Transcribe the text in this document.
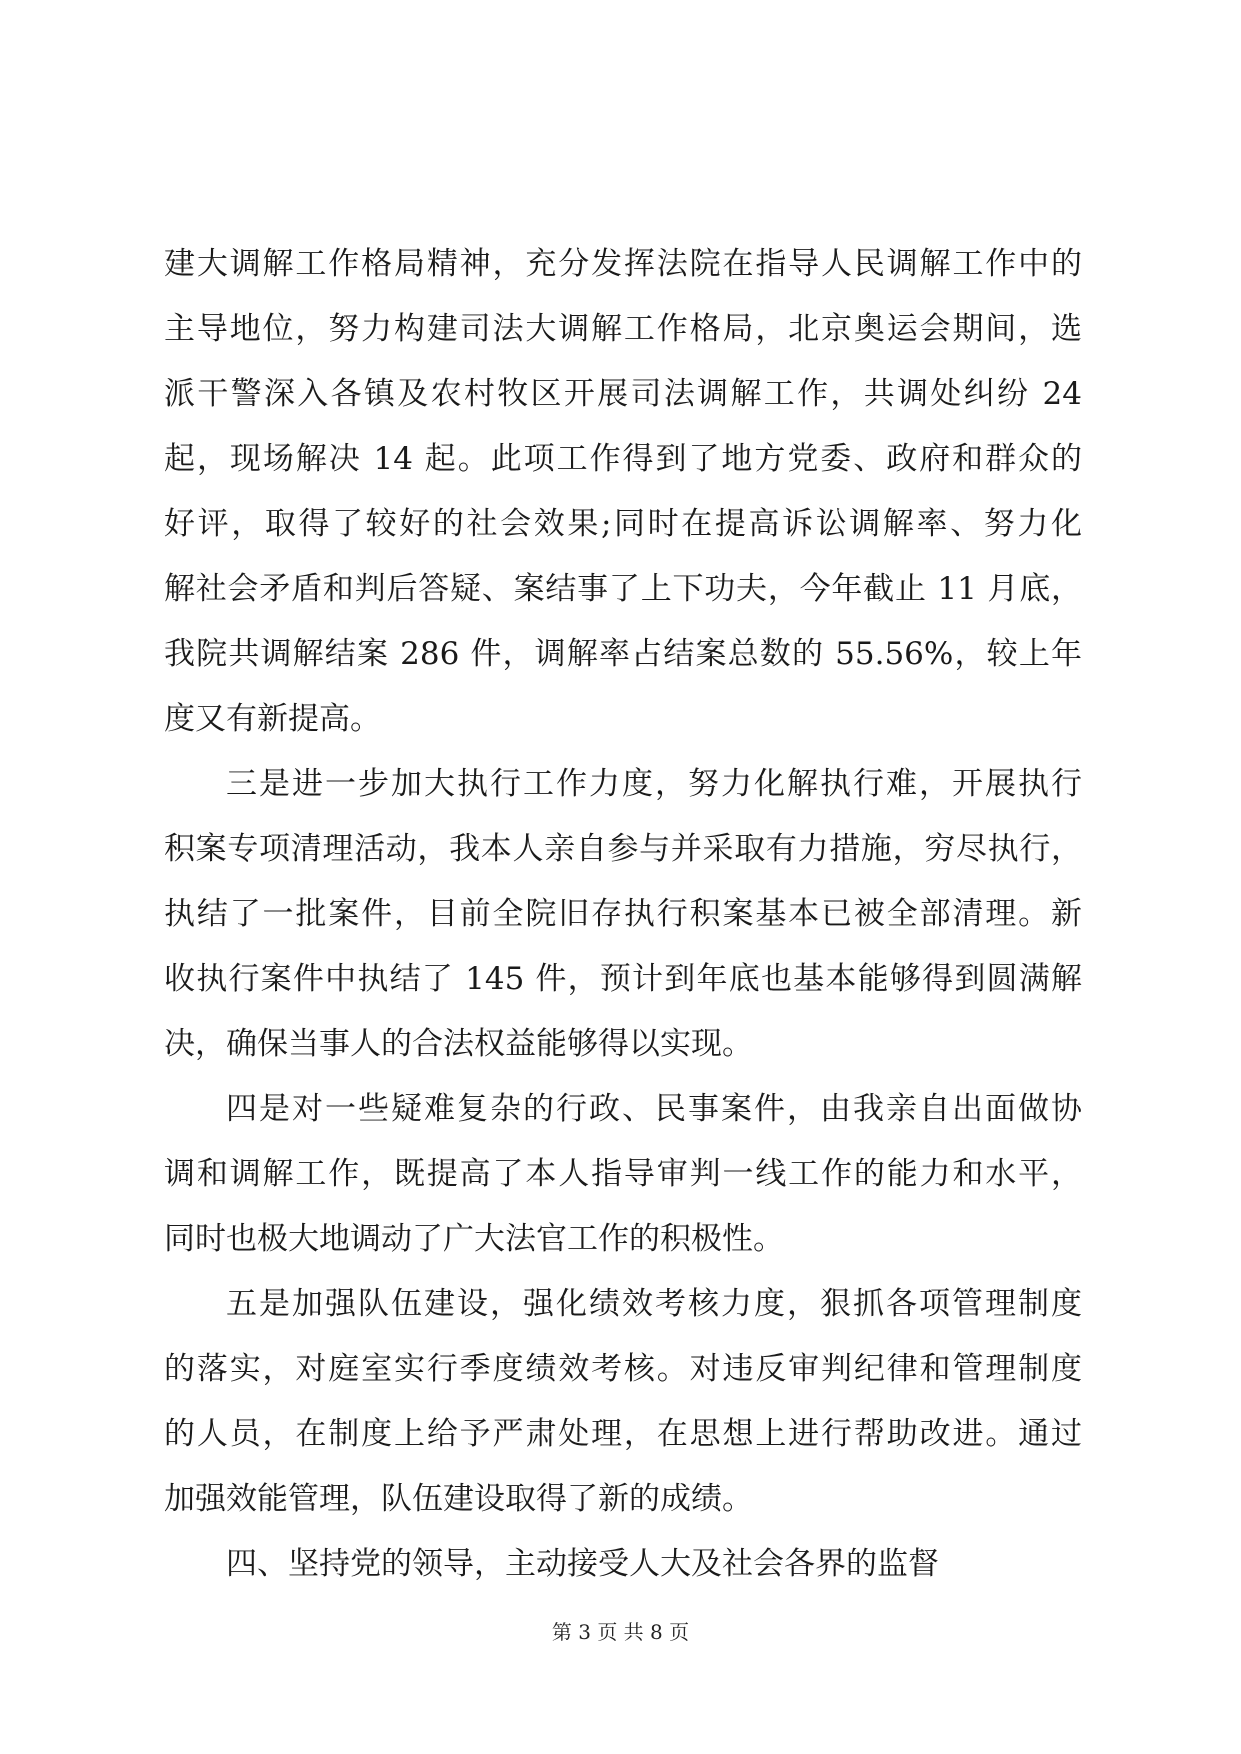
建大调解工作格局精神，充分发挥法院在指导人民调解工作中的
主导地位，努力构建司法大调解工作格局，北京奥运会期间，选
派干警深入各镇及农村牧区开展司法调解工作，共调处纠纷 24
起，现场解决 14 起。此项工作得到了地方党委、政府和群众的
好评，取得了较好的社会效果;同时在提高诉讼调解率、努力化
解社会矛盾和判后答疑、案结事了上下功夫，今年截止 11 月底，
我院共调解结案 286 件，调解率占结案总数的 55.56%，较上年
度又有新提高。
三是进一步加大执行工作力度，努力化解执行难，开展执行
积案专项清理活动，我本人亲自参与并采取有力措施，穷尽执行，
执结了一批案件，目前全院旧存执行积案基本已被全部清理。新
收执行案件中执结了 145 件，预计到年底也基本能够得到圆满解
决，确保当事人的合法权益能够得以实现。
四是对一些疑难复杂的行政、民事案件，由我亲自出面做协
调和调解工作，既提高了本人指导审判一线工作的能力和水平，
同时也极大地调动了广大法官工作的积极性。
五是加强队伍建设，强化绩效考核力度，狠抓各项管理制度
的落实，对庭室实行季度绩效考核。对违反审判纪律和管理制度
的人员，在制度上给予严肃处理，在思想上进行帮助改进。通过
加强效能管理，队伍建设取得了新的成绩。
四、坚持党的领导，主动接受人大及社会各界的监督
第 3 页 共 8 页
